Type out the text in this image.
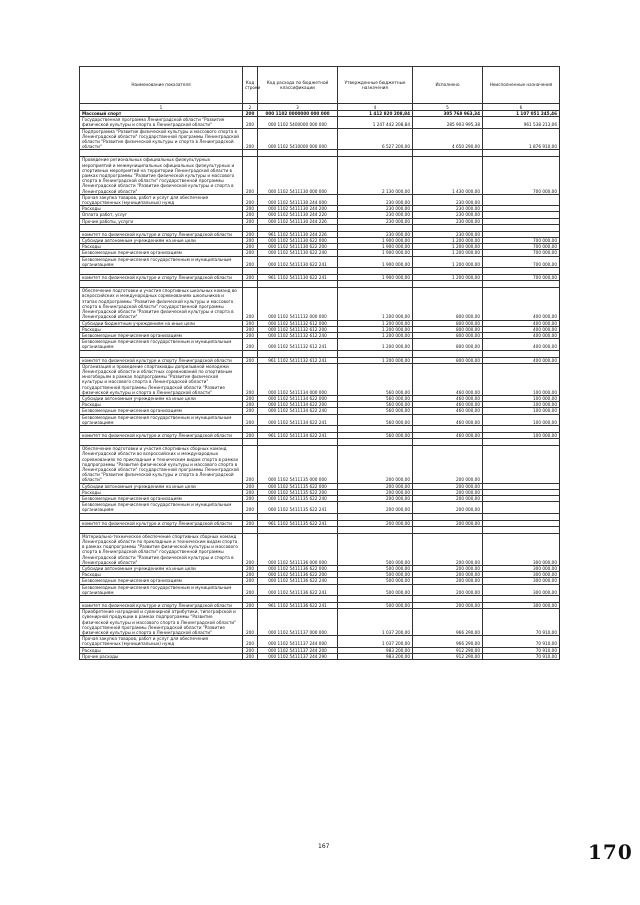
Наименование показателя	Код строки	Код расхода по бюджетной классификации	Утвержденные бюджетные назначения	Исполнено	Неисполненные назначения
1	2	3	4	5	6
Массовый спорт	200	000 1102 0000000 000 000	1 412 820 208,84	305 768 963,34	1 107 051 245,46
Государственная программа Ленинградской области "Развитие физической культуры и спорта в Ленинградской области"	200	000 1102 5400000 000 000	1 247 442 208,84	285 903 995,38	961 538 213,06
Подпрограмма "Развитие физической культуры и массового спорта в Ленинградской области" государственной программы Ленинградской области "Развитие физической культуры и спорта в Ленинградской области"	200	000 1102 5410000 000 000	6 527 200,00	4 650 290,00	1 876 910,00

Проведение региональных официальных физкультурных мероприятий и межмуниципальных официальных физкультурных и спортивных мероприятий на территории Ленинградской области в рамках подпрограммы "Развитие физической культуры и массового спорта в Ленинградской области" государственной программы Ленинградской области "Развитие физической культуры и спорта в Ленинградской области"	200	000 1102 5411130 000 000	2 130 000,00	1 430 000,00	700 000,00
Прочая закупка товаров, работ и услуг для обеспечения государственных (муниципальных) нужд	200	000 1102 5411130 244 000	230 000,00	230 000,00	
Расходы	200	000 1102 5411130 244 200	230 000,00	230 000,00	
Оплата работ, услуг	200	000 1102 5411130 244 220	230 000,00	230 000,00	
Прочие работы, услуги	200	000 1102 5411130 244 226	230 000,00	230 000,00	

комитет по физической культуре и спорту Ленинградской области	200	961 1102 5411130 244 226	230 000,00	230 000,00	
Субсидии автономным учреждениям на иные цели	200	000 1102 5411130 622 000	1 900 000,00	1 200 000,00	700 000,00
Расходы	200	000 1102 5411130 622 200	1 900 000,00	1 200 000,00	700 000,00
Безвозмездные перечисления организациям	200	000 1102 5411130 622 240	1 900 000,00	1 200 000,00	700 000,00
Безвозмездные перечисления государственным и муниципальным организациям	200	000 1102 5411130 622 241	1 900 000,00	1 200 000,00	700 000,00

комитет по физической культуре и спорту Ленинградской области	200	961 1102 5411130 622 241	1 900 000,00	1 200 000,00	700 000,00

Обеспечение подготовки и участия спортивных школьных команд во всероссийских и международных соревнованиях школьников и этапах подпрограммы "Развитие физической культуры и массового спорта в Ленинградской области" государственной программы Ленинградской области "Развитие физической культуры и спорта в Ленинградской области"	200	000 1102 5411132 000 000	1 200 000,00	800 000,00	400 000,00
Субсидии бюджетным учреждениям на иные цели	200	000 1102 5411132 612 000	1 200 000,00	800 000,00	400 000,00
Расходы	200	000 1102 5411132 612 200	1 200 000,00	800 000,00	400 000,00
Безвозмездные перечисления организациям	200	000 1102 5411132 612 240	1 200 000,00	800 000,00	400 000,00
Безвозмездные перечисления государственным и муниципальным организациям	200	000 1102 5411132 612 241	1 200 000,00	800 000,00	400 000,00

комитет по физической культуре и спорту Ленинградской области	200	961 1102 5411132 612 241	1 200 000,00	800 000,00	400 000,00
Организация и проведение спартакиады допризывной молодежи Ленинградской области и областных соревнований по спортивным многоборьям в рамках подпрограммы "Развитие физической культуры и массового спорта в Ленинградской области" государственной программы Ленинградской области "Развитие физической культуры и спорта в Ленинградской области"	200	000 1102 5411134 000 000	560 000,00	460 000,00	100 000,00
Субсидии автономным учреждениям на иные цели	200	000 1102 5411134 622 000	560 000,00	460 000,00	100 000,00
Расходы	200	000 1102 5411134 622 200	560 000,00	460 000,00	100 000,00
Безвозмездные перечисления организациям	200	000 1102 5411134 622 240	560 000,00	460 000,00	100 000,00
Безвозмездные перечисления государственным и муниципальным организациям	200	000 1102 5411134 622 241	560 000,00	460 000,00	100 000,00

комитет по физической культуре и спорту Ленинградской области	200	961 1102 5411134 622 241	560 000,00	460 000,00	100 000,00

Обеспечение подготовки и участия спортивных сборных команд Ленинградской области во всероссийских и международных соревнованиях по прикладным и техническим видам спорта в рамках подпрограммы "Развитие физической культуры и массового спорта в Ленинградской области" государственной программы Ленинградской области "Развитие физической культуры и спорта в Ленинградской области"	200	000 1102 5411135 000 000	200 000,00	200 000,00	
Субсидии автономным учреждениям на иные цели	200	000 1102 5411135 622 000	200 000,00	200 000,00	
Расходы	200	000 1102 5411135 622 200	200 000,00	200 000,00	
Безвозмездные перечисления организациям	200	000 1102 5411135 622 240	200 000,00	200 000,00	
Безвозмездные перечисления государственным и муниципальным организациям	200	000 1102 5411135 622 241	200 000,00	200 000,00	

комитет по физической культуре и спорту Ленинградской области	200	961 1102 5411135 622 241	200 000,00	200 000,00	

Материально-техническое обеспечение спортивных сборных команд Ленинградской области по прикладным и техническим видам спорта в рамках подпрограммы "Развитие физической культуры и массового спорта в Ленинградской области" государственной программы Ленинградской области "Развитие физической культуры и спорта в Ленинградской области"	200	000 1102 5411136 000 000	500 000,00	200 000,00	300 000,00
Субсидии автономным учреждениям на иные цели	200	000 1102 5411136 622 000	500 000,00	200 000,00	300 000,00
Расходы	200	000 1102 5411136 622 200	500 000,00	200 000,00	300 000,00
Безвозмездные перечисления организациям	200	000 1102 5411136 622 240	500 000,00	200 000,00	300 000,00
Безвозмездные перечисления государственным и муниципальным организациям	200	000 1102 5411136 622 241	500 000,00	200 000,00	300 000,00

комитет по физической культуре и спорту Ленинградской области	200	961 1102 5411136 622 241	500 000,00	200 000,00	300 000,00
Приобретение наградной и сувенирной атрибутики, типографской и сувенирной продукции в рамках подпрограммы "Развитие физической культуры и массового спорта в Ленинградской области" государственной программы Ленинградской области "Развитие физической культуры и спорта в Ленинградской области"	200	000 1102 5411137 000 000	1 037 200,00	966 290,00	70 910,00
Прочая закупка товаров, работ и услуг для обеспечения государственных (муниципальных) нужд	200	000 1102 5411137 244 000	1 037 200,00	966 290,00	70 910,00
Расходы	200	000 1102 5411137 244 200	983 200,00	912 290,00	70 910,00
Прочие расходы	200	000 1102 5411137 244 290	983 200,00	912 290,00	70 910,00
167	170
